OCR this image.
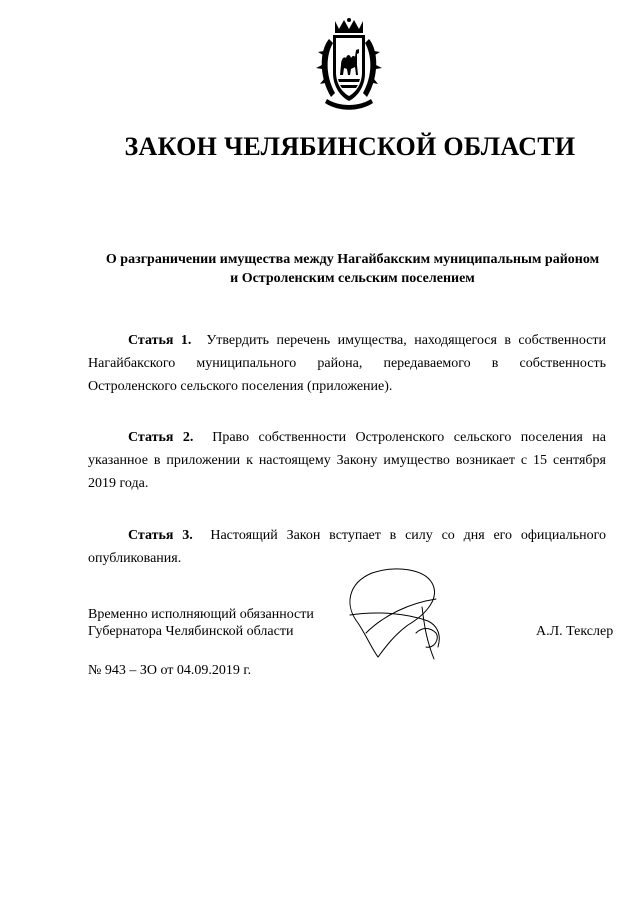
ЗАКОН ЧЕЛЯБИНСКОЙ ОБЛАСТИ
О разграничении имущества между Нагайбакским муниципальным районом
и Остроленским сельским поселением
Статья 1. Утвердить перечень имущества, находящегося в собственности Нагайбакского муниципального района, передаваемого в собственность Остроленского сельского поселения (приложение).
Статья 2. Право собственности Остроленского сельского поселения на указанное в приложении к настоящему Закону имущество возникает с 15 сентября 2019 года.
Статья 3. Настоящий Закон вступает в силу со дня его официального опубликования.
Временно исполняющий обязанности
Губернатора Челябинской области	А.Л. Текслер
№ 943 – ЗО от 04.09.2019 г.
